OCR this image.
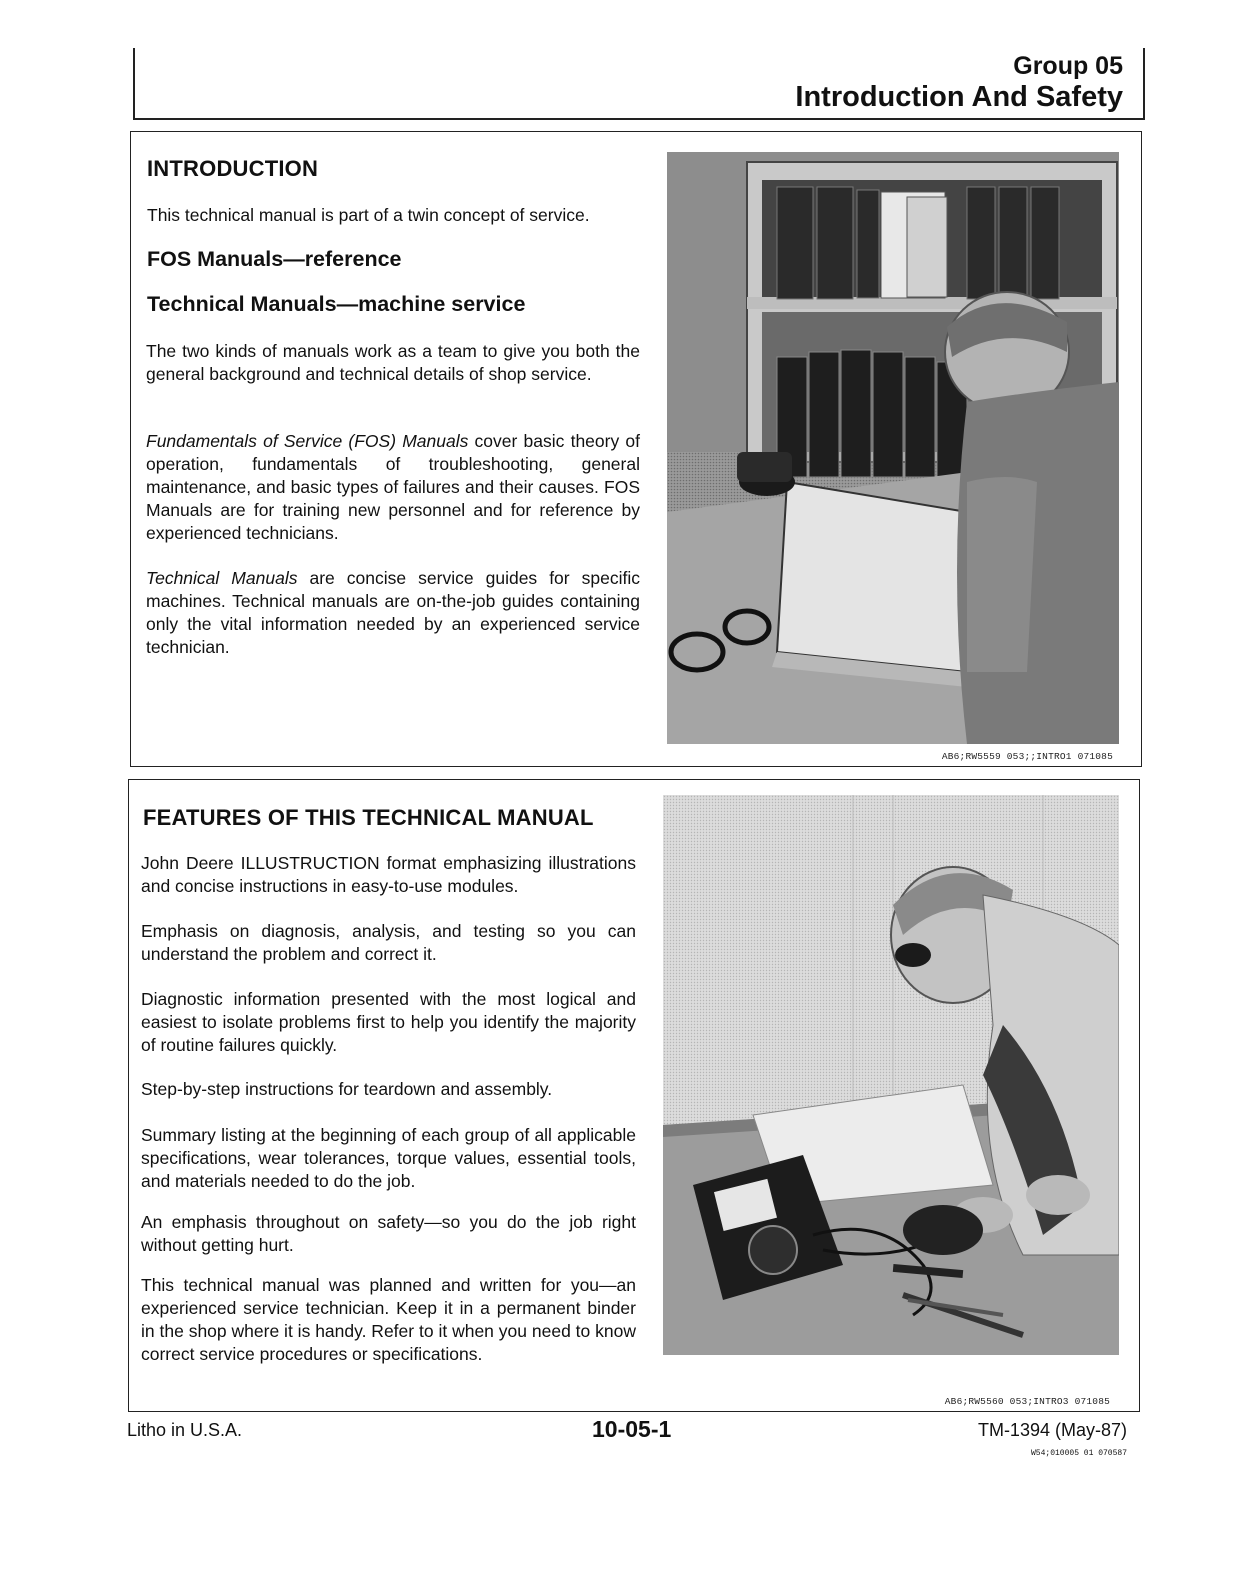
Group 05
Introduction And Safety
INTRODUCTION
This technical manual is part of a twin concept of service.
FOS Manuals—reference
Technical Manuals—machine service
The two kinds of manuals work as a team to give you both the general background and technical details of shop service.
Fundamentals of Service (FOS) Manuals cover basic theory of operation, fundamentals of troubleshooting, general maintenance, and basic types of failures and their causes. FOS Manuals are for training new personnel and for reference by experienced technicians.
Technical Manuals are concise service guides for specific machines. Technical manuals are on-the-job guides containing only the vital information needed by an experienced service technician.
AB6;RW5559 053;;INTRO1 071085
FEATURES OF THIS TECHNICAL MANUAL
John Deere ILLUSTRUCTION format emphasizing illustrations and concise instructions in easy-to-use modules.
Emphasis on diagnosis, analysis, and testing so you can understand the problem and correct it.
Diagnostic information presented with the most logical and easiest to isolate problems first to help you identify the majority of routine failures quickly.
Step-by-step instructions for teardown and assembly.
Summary listing at the beginning of each group of all applicable specifications, wear tolerances, torque values, essential tools, and materials needed to do the job.
An emphasis throughout on safety—so you do the job right without getting hurt.
This technical manual was planned and written for you—an experienced service technician. Keep it in a permanent binder in the shop where it is handy. Refer to it when you need to know correct service procedures or specifications.
AB6;RW5560 053;INTRO3 071085
Litho in U.S.A.	10-05-1	TM-1394 (May-87)
W54;010005 01 070587
